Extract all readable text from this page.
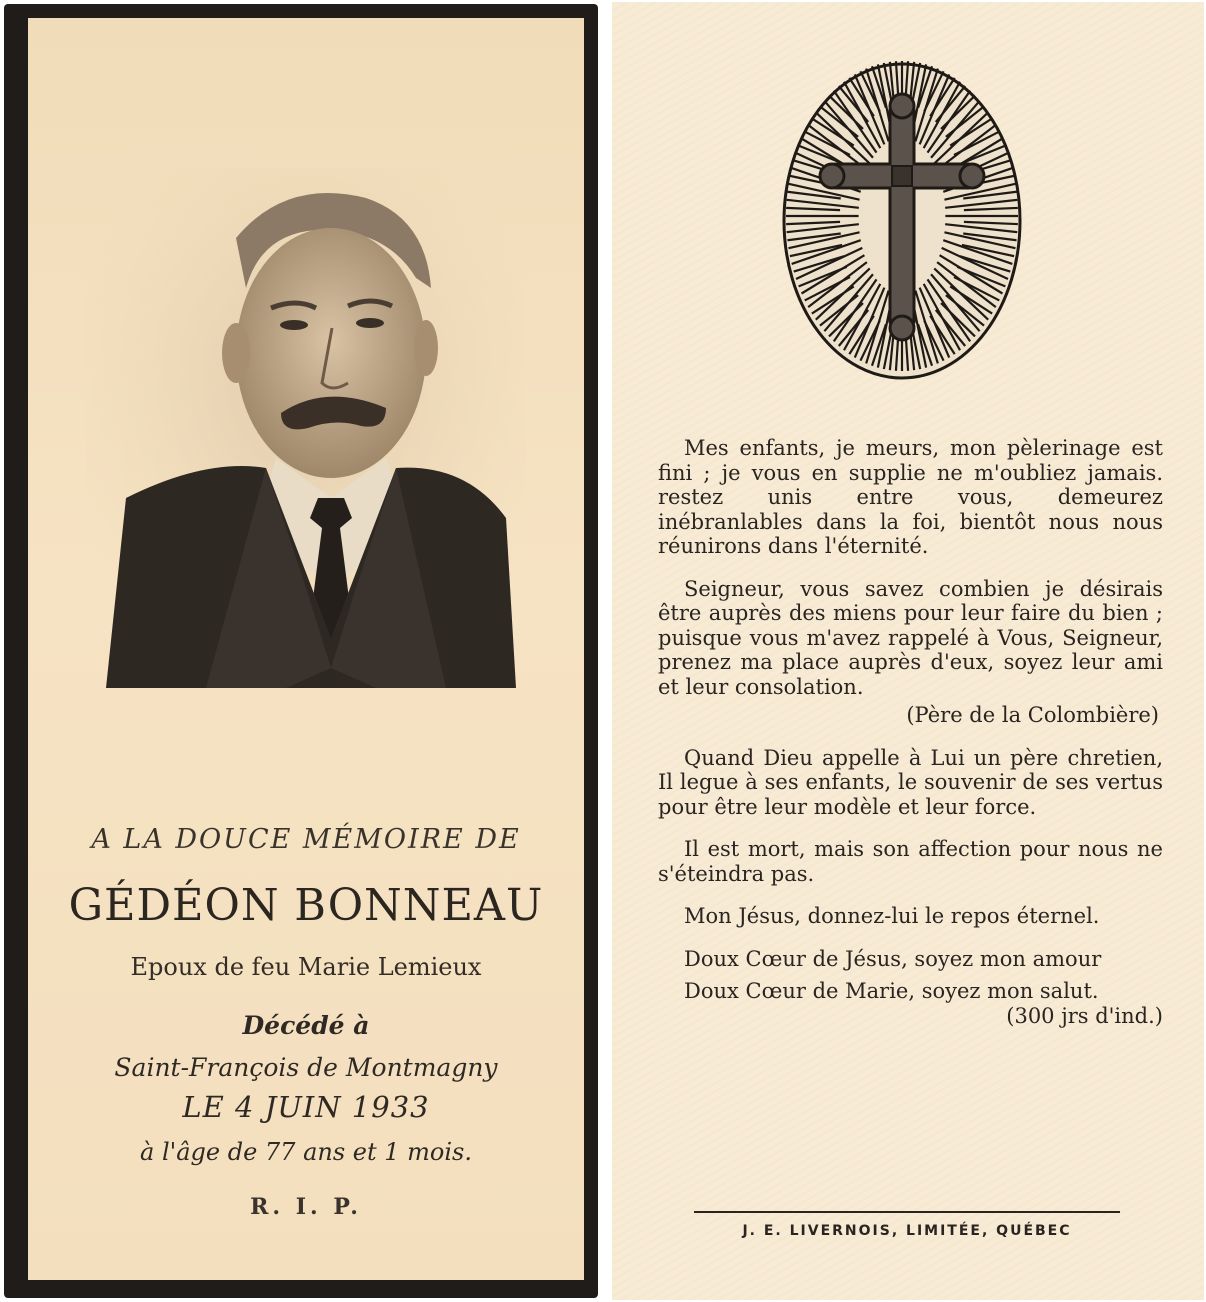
A LA DOUCE MÉMOIRE DE
GÉDÉON BONNEAU
Epoux de feu Marie Lemieux
Décédé à
Saint-François de Montmagny
LE 4 JUIN 1933
à l'âge de 77 ans et 1 mois.
R. I. P.

Mes enfants, je meurs, mon pèlerinage est fini ; je vous en supplie ne m'oubliez jamais. restez unis entre vous, demeurez inébranlables dans la foi, bientôt nous nous réunirons dans l'éternité.

Seigneur, vous savez combien je désirais être auprès des miens pour leur faire du bien ; puisque vous m'avez rappelé à Vous, Seigneur, prenez ma place auprès d'eux, soyez leur ami et leur consolation.

(Père de la Colombière)

Quand Dieu appelle à Lui un père chretien, Il legue à ses enfants, le souvenir de ses vertus pour être leur modèle et leur force.

Il est mort, mais son affection pour nous ne s'éteindra pas.

Mon Jésus, donnez-lui le repos éternel.

Doux Cœur de Jésus, soyez mon amour

Doux Cœur de Marie, soyez mon salut.

(300 jrs d'ind.)
J. E. LIVERNOIS, LIMITÉE, QUÉBEC
